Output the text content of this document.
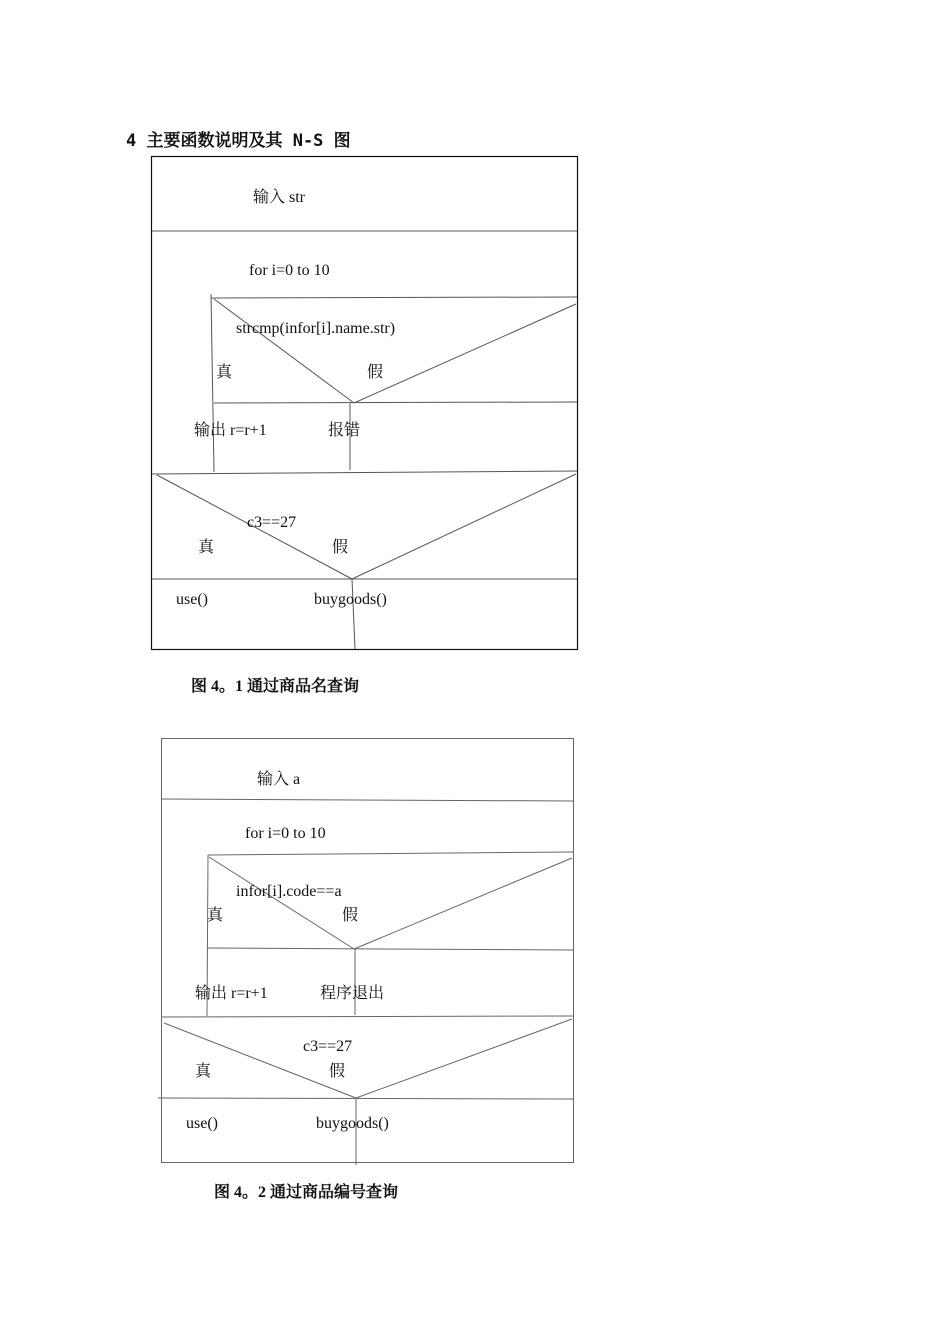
4 主要函数说明及其 N-S 图
输入 str
for i=0 to 10
strcmp(infor[i].name.str)
真	假
输出 r=r+1	报错
c3==27
真	假
use()	buygoods()
图 4。1 通过商品名查询
输入 a
for i=0 to 10
infor[i].code==a
真	假
输出 r=r+1	程序退出
c3==27
真	假
use()	buygoods()
图 4。2 通过商品编号查询
